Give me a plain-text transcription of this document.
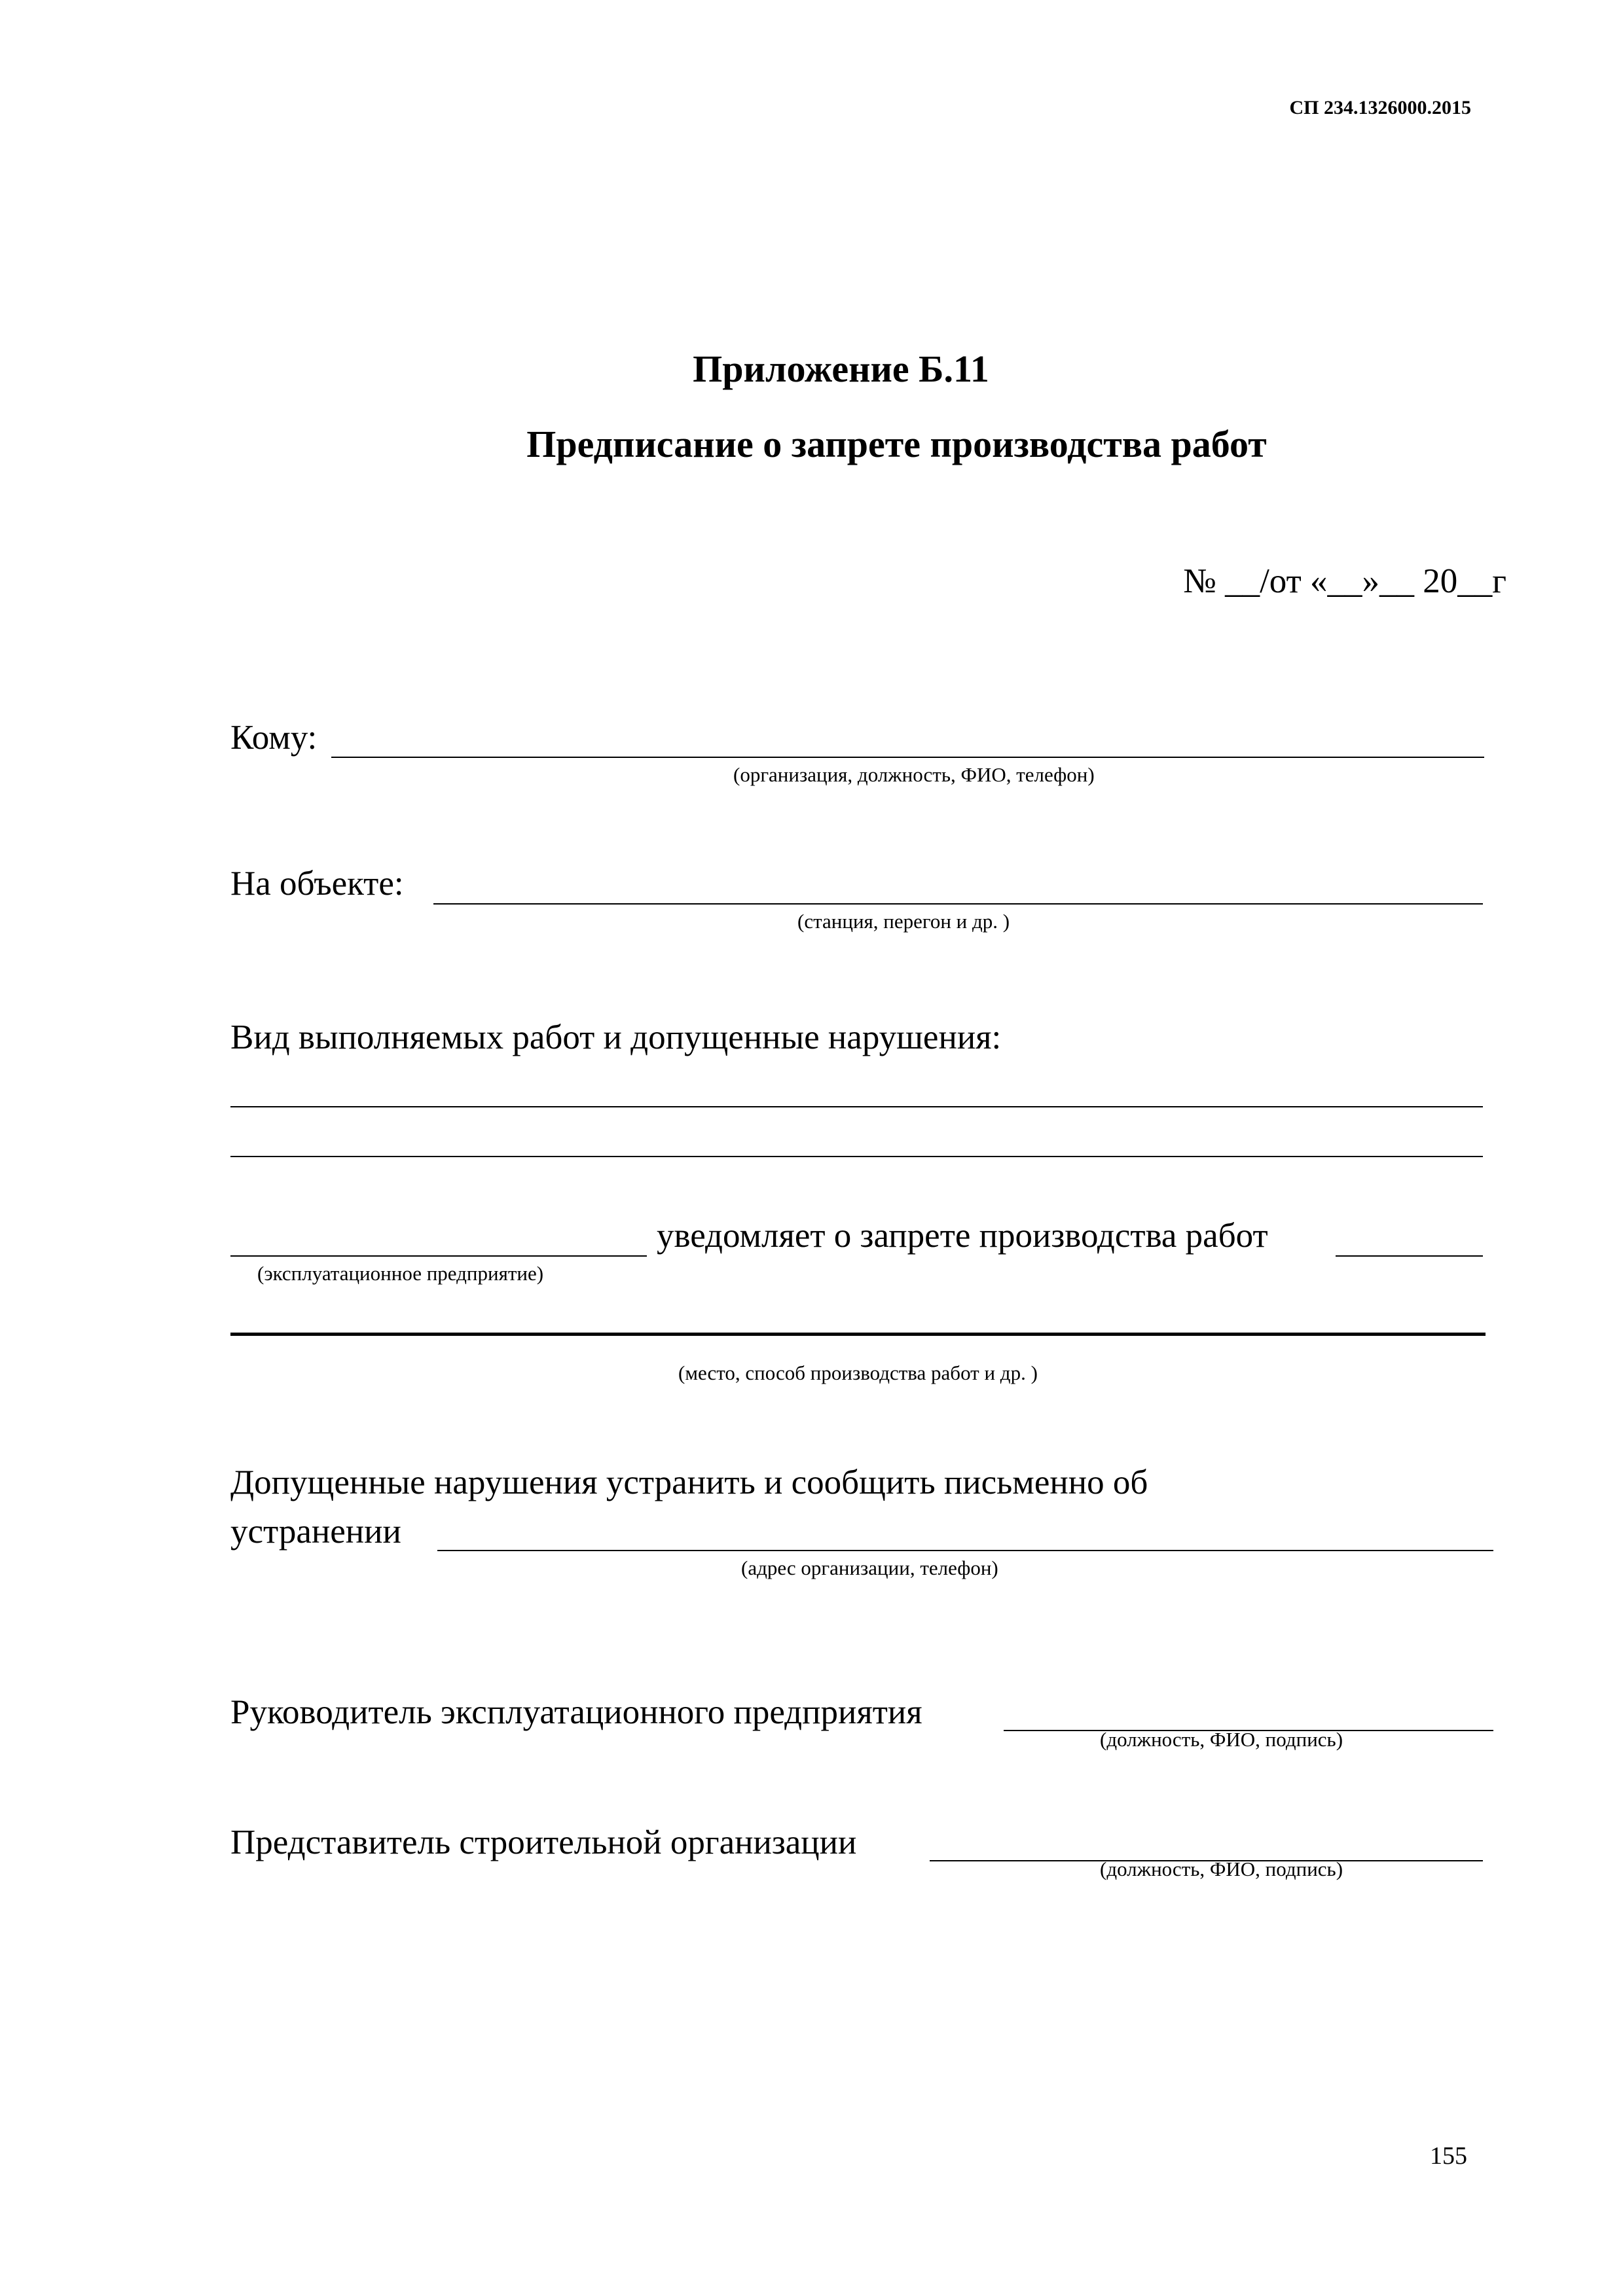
СП 234.1326000.2015
Приложение Б.11
Предписание о запрете производства работ
№ __/от «__»__ 20__г
Кому:
(организация, должность, ФИО, телефон)
На объекте:
(станция, перегон и др. )
Вид выполняемых работ и допущенные нарушения:
уведомляет о запрете производства работ
(эксплуатационное предприятие)
(место, способ производства работ и др. )
Допущенные нарушения устранить и сообщить письменно об
устранении
(адрес организации, телефон)
Руководитель эксплуатационного предприятия
(должность, ФИО, подпись)
Представитель строительной организации
(должность, ФИО, подпись)
155
